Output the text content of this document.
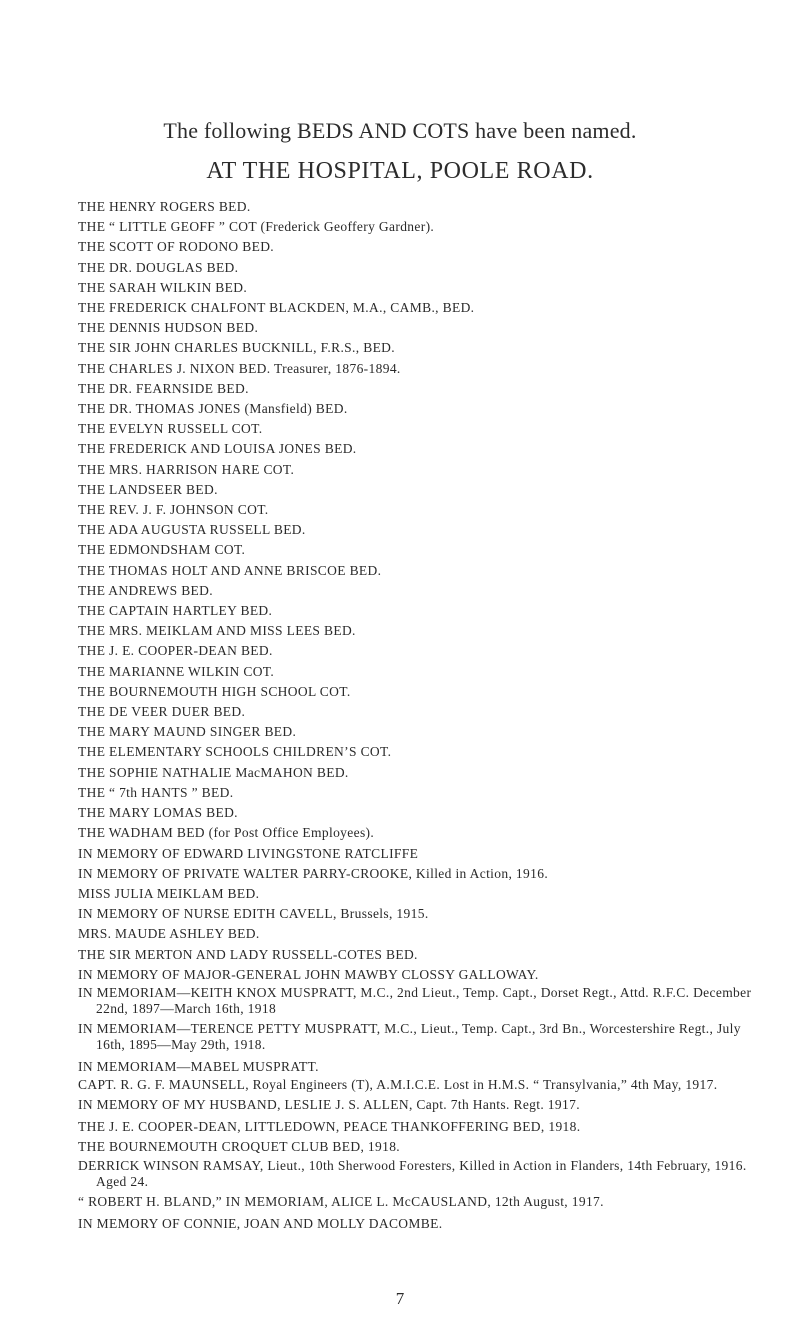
The following BEDS AND COTS have been named.
AT THE HOSPITAL, POOLE ROAD.
THE HENRY ROGERS BED.
THE “ LITTLE GEOFF ” COT (Frederick Geoffery Gardner).
THE SCOTT OF RODONO BED.
THE DR. DOUGLAS BED.
THE SARAH WILKIN BED.
THE FREDERICK CHALFONT BLACKDEN, M.A., CAMB., BED.
THE DENNIS HUDSON BED.
THE SIR JOHN CHARLES BUCKNILL, F.R.S., BED.
THE CHARLES J. NIXON BED. Treasurer, 1876-1894.
THE DR. FEARNSIDE BED.
THE DR. THOMAS JONES (Mansfield) BED.
THE EVELYN RUSSELL COT.
THE FREDERICK AND LOUISA JONES BED.
THE MRS. HARRISON HARE COT.
THE LANDSEER BED.
THE REV. J. F. JOHNSON COT.
THE ADA AUGUSTA RUSSELL BED.
THE EDMONDSHAM COT.
THE THOMAS HOLT AND ANNE BRISCOE BED.
THE ANDREWS BED.
THE CAPTAIN HARTLEY BED.
THE MRS. MEIKLAM AND MISS LEES BED.
THE J. E. COOPER-DEAN BED.
THE MARIANNE WILKIN COT.
THE BOURNEMOUTH HIGH SCHOOL COT.
THE DE VEER DUER BED.
THE MARY MAUND SINGER BED.
THE ELEMENTARY SCHOOLS CHILDREN’S COT.
THE SOPHIE NATHALIE MacMAHON BED.
THE “ 7th HANTS ” BED.
THE MARY LOMAS BED.
THE WADHAM BED (for Post Office Employees).
IN MEMORY OF EDWARD LIVINGSTONE RATCLIFFE
IN MEMORY OF PRIVATE WALTER PARRY-CROOKE, Killed in Action, 1916.
MISS JULIA MEIKLAM BED.
IN MEMORY OF NURSE EDITH CAVELL, Brussels, 1915.
MRS. MAUDE ASHLEY BED.
THE SIR MERTON AND LADY RUSSELL-COTES BED.
IN MEMORY OF MAJOR-GENERAL JOHN MAWBY CLOSSY GALLOWAY.
IN MEMORIAM—KEITH KNOX MUSPRATT, M.C., 2nd Lieut., Temp. Capt., Dorset Regt., Attd. R.F.C. December 22nd, 1897—March 16th, 1918
IN MEMORIAM—TERENCE PETTY MUSPRATT, M.C., Lieut., Temp. Capt., 3rd Bn., Worcestershire Regt., July 16th, 1895—May 29th, 1918.
IN MEMORIAM—MABEL MUSPRATT.
CAPT. R. G. F. MAUNSELL, Royal Engineers (T), A.M.I.C.E. Lost in H.M.S. “ Transylvania,” 4th May, 1917.
IN MEMORY OF MY HUSBAND, LESLIE J. S. ALLEN, Capt. 7th Hants. Regt. 1917.
THE J. E. COOPER-DEAN, LITTLEDOWN, PEACE THANKOFFERING BED, 1918.
THE BOURNEMOUTH CROQUET CLUB BED, 1918.
DERRICK WINSON RAMSAY, Lieut., 10th Sherwood Foresters, Killed in Action in Flanders, 14th February, 1916. Aged 24.
“ ROBERT H. BLAND,” IN MEMORIAM, ALICE L. McCAUSLAND, 12th August, 1917.
IN MEMORY OF CONNIE, JOAN AND MOLLY DACOMBE.
7
